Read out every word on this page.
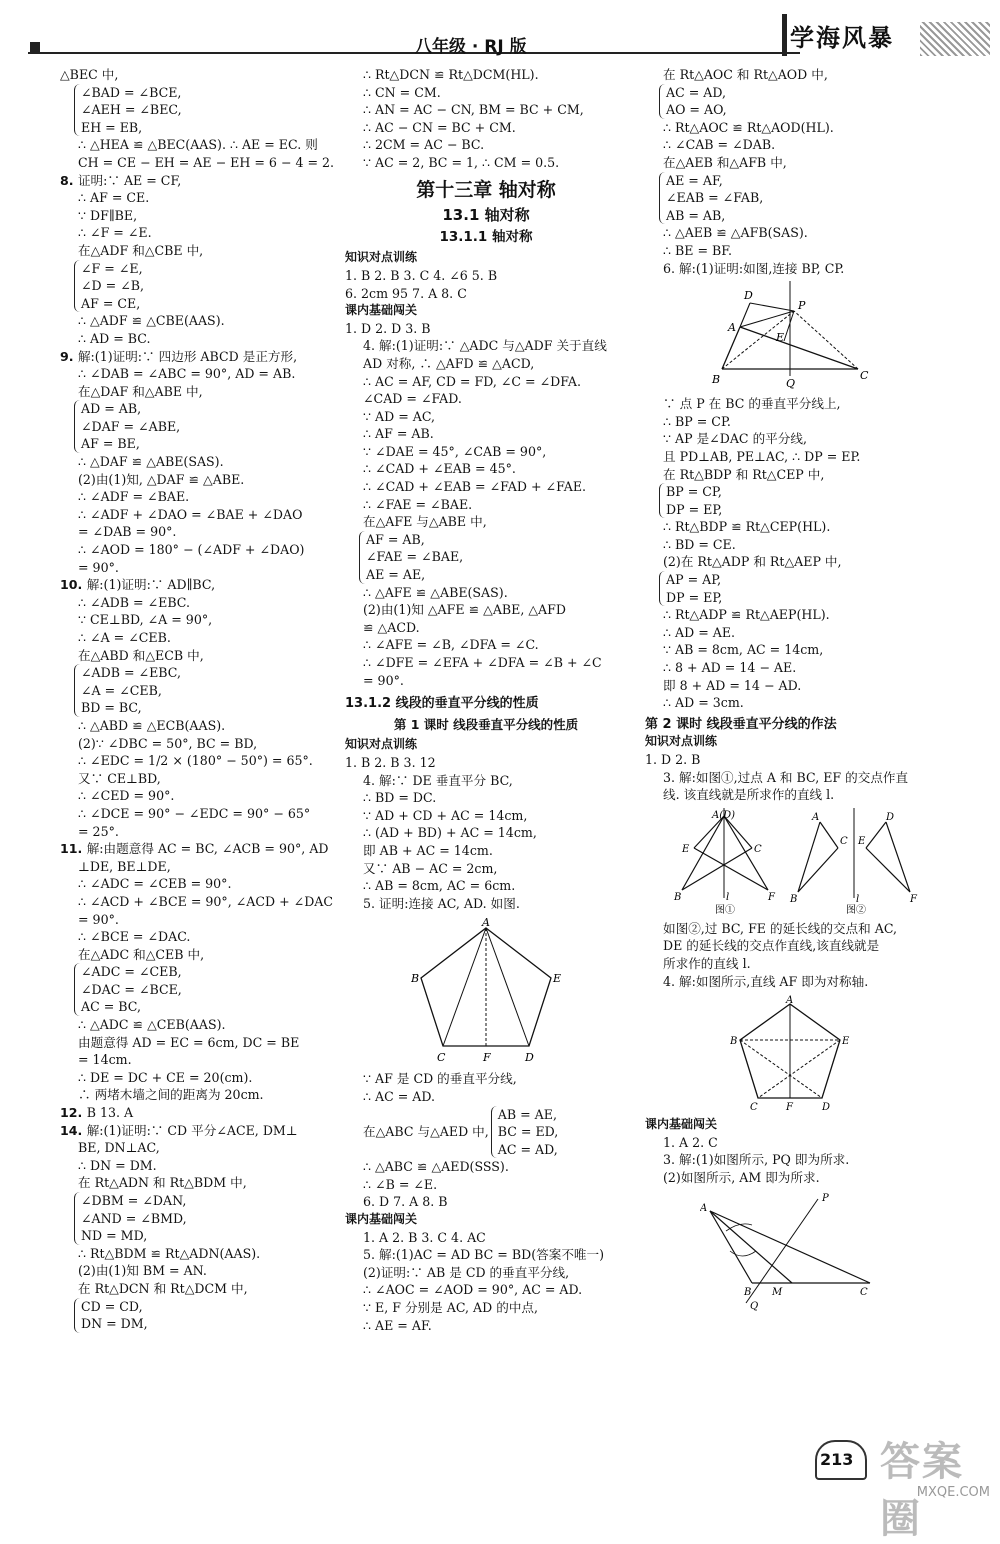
八年级 · RJ 版	学海风暴
△BEC 中,
∠BAD = ∠BCE,
∠AEH = ∠BEC,
EH = EB,
∴ △HEA ≌ △BEC(AAS). ∴ AE = EC. 则
CH = CE − EH = AE − EH = 6 − 4 = 2.
8. 证明:∵ AE = CF,
∴ AF = CE.
∵ DF∥BE,
∴ ∠F = ∠E.
在△ADF 和△CBE 中,
∠F = ∠E,
∠D = ∠B,
AF = CE,
∴ △ADF ≌ △CBE(AAS).
∴ AD = BC.
9. 解:(1)证明:∵ 四边形 ABCD 是正方形,
∴ ∠DAB = ∠ABC = 90°, AD = AB.
在△DAF 和△ABE 中,
AD = AB,
∠DAF = ∠ABE,
AF = BE,
∴ △DAF ≌ △ABE(SAS).
(2)由(1)知, △DAF ≌ △ABE.
∴ ∠ADF = ∠BAE.
∴ ∠ADF + ∠DAO = ∠BAE + ∠DAO
= ∠DAB = 90°.
∴ ∠AOD = 180° − (∠ADF + ∠DAO)
= 90°.
10. 解:(1)证明:∵ AD∥BC,
∴ ∠ADB = ∠EBC.
∵ CE⊥BD, ∠A = 90°,
∴ ∠A = ∠CEB.
在△ABD 和△ECB 中,
∠ADB = ∠EBC,
∠A = ∠CEB,
BD = BC,
∴ △ABD ≌ △ECB(AAS).
(2)∵ ∠DBC = 50°, BC = BD,
∴ ∠EDC = 1/2 × (180° − 50°) = 65°.
又∵ CE⊥BD,
∴ ∠CED = 90°.
∴ ∠DCE = 90° − ∠EDC = 90° − 65°
= 25°.
11. 解:由题意得 AC = BC, ∠ACB = 90°, AD
⊥DE, BE⊥DE,
∴ ∠ADC = ∠CEB = 90°.
∴ ∠ACD + ∠BCE = 90°, ∠ACD + ∠DAC
= 90°.
∴ ∠BCE = ∠DAC.
在△ADC 和△CEB 中,
∠ADC = ∠CEB,
∠DAC = ∠BCE,
AC = BC,
∴ △ADC ≌ △CEB(AAS).
由题意得 AD = EC = 6cm, DC = BE
= 14cm.
∴ DE = DC + CE = 20(cm).
∴ 两堵木墙之间的距离为 20cm.
12. B 13. A
14. 解:(1)证明:∵ CD 平分∠ACE, DM⊥
BE, DN⊥AC,
∴ DN = DM.
在 Rt△ADN 和 Rt△BDM 中,
∠DBM = ∠DAN,
∠AND = ∠BMD,
ND = MD,
∴ Rt△BDM ≌ Rt△ADN(AAS).
(2)由(1)知 BM = AN.
在 Rt△DCN 和 Rt△DCM 中,
CD = CD,
DN = DM,
∴ Rt△DCN ≌ Rt△DCM(HL).
∴ CN = CM.
∴ AN = AC − CN, BM = BC + CM,
∴ AC − CN = BC + CM.
∴ 2CM = AC − BC.
∵ AC = 2, BC = 1, ∴ CM = 0.5.
第十三章 轴对称
13.1 轴对称
13.1.1 轴对称
知识对点训练
1. B 2. B 3. C 4. ∠6 5. B
6. 2cm 95 7. A 8. C
课内基础闯关
1. D 2. D 3. B
4. 解:(1)证明:∵ △ADC 与△ADF 关于直线
AD 对称, ∴ △AFD ≌ △ACD,
∴ AC = AF, CD = FD, ∠C = ∠DFA.
∠CAD = ∠FAD.
∵ AD = AC,
∴ AF = AB.
∵ ∠DAE = 45°, ∠CAB = 90°,
∴ ∠CAD + ∠EAB = 45°.
∴ ∠CAD + ∠EAB = ∠FAD + ∠FAE.
∴ ∠FAE = ∠BAE.
在△AFE 与△ABE 中,
AF = AB,
∠FAE = ∠BAE,
AE = AE,
∴ △AFE ≌ △ABE(SAS).
(2)由(1)知 △AFE ≌ △ABE, △AFD
≌ △ACD.
∴ ∠AFE = ∠B, ∠DFA = ∠C.
∴ ∠DFE = ∠EFA + ∠DFA = ∠B + ∠C
= 90°.
13.1.2 线段的垂直平分线的性质
第 1 课时 线段垂直平分线的性质
知识对点训练
1. B 2. B 3. 12
4. 解:∵ DE 垂直平分 BC,
∴ BD = DC.
∵ AD + CD + AC = 14cm,
∴ (AD + BD) + AC = 14cm,
即 AB + AC = 14cm.
又∵ AB − AC = 2cm,
∴ AB = 8cm, AC = 6cm.
5. 证明:连接 AC, AD. 如图.
A
B	E
C	F	D
∵ AF 是 CD 的垂直平分线,
∴ AC = AD.
在△ABC 与△AED 中,
AB = AE,
BC = ED,
AC = AD,
∴ △ABC ≌ △AED(SSS).
∴ ∠B = ∠E.
6. D 7. A 8. B
课内基础闯关
1. A 2. B 3. C 4. AC
5. 解:(1)AC = AD BC = BD(答案不唯一)
(2)证明:∵ AB 是 CD 的垂直平分线,
∴ ∠AOC = ∠AOD = 90°, AC = AD.
∵ E, F 分别是 AC, AD 的中点,
∴ AE = AF.
在 Rt△AOC 和 Rt△AOD 中,
AC = AD,
AO = AO,
∴ Rt△AOC ≌ Rt△AOD(HL).
∴ ∠CAB = ∠DAB.
在△AEB 和△AFB 中,
AE = AF,
∠EAB = ∠FAB,
AB = AB,
∴ △AEB ≌ △AFB(SAS).
∴ BE = BF.
6. 解:(1)证明:如图,连接 BP, CP.
D
P
A
E
B	Q
C
∵ 点 P 在 BC 的垂直平分线上,
∴ BP = CP.
∵ AP 是∠DAC 的平分线,
且 PD⊥AB, PE⊥AC, ∴ DP = EP.
在 Rt△BDP 和 Rt△CEP 中,
BP = CP,
DP = EP,
∴ Rt△BDP ≌ Rt△CEP(HL).
∴ BD = CE.
(2)在 Rt△ADP 和 Rt△AEP 中,
AP = AP,
DP = EP,
∴ Rt△ADP ≌ Rt△AEP(HL).
∴ AD = AE.
∵ AB = 8cm, AC = 14cm,
∴ 8 + AD = 14 − AE.
即 8 + AD = 14 − AD.
∴ AD = 3cm.
第 2 课时 线段垂直平分线的作法
知识对点训练
1. D 2. B
3. 解:如图①,过点 A 和 BC, EF 的交点作直
线. 该直线就是所求作的直线 l.
A(D)
E	C
B	l	F
图①
A
C
D
E
B	l	F
图②
如图②,过 BC, FE 的延长线的交点和 AC,
DE 的延长线的交点作直线,该直线就是
所求作的直线 l.
4. 解:如图所示,直线 AF 即为对称轴.
A
B	E
C	F	D
课内基础闯关
1. A 2. C
3. 解:(1)如图所示, PQ 即为所求.
(2)如图所示, AM 即为所求.
P
A
B M	C
Q
213 答案圈
MXQE.COM
